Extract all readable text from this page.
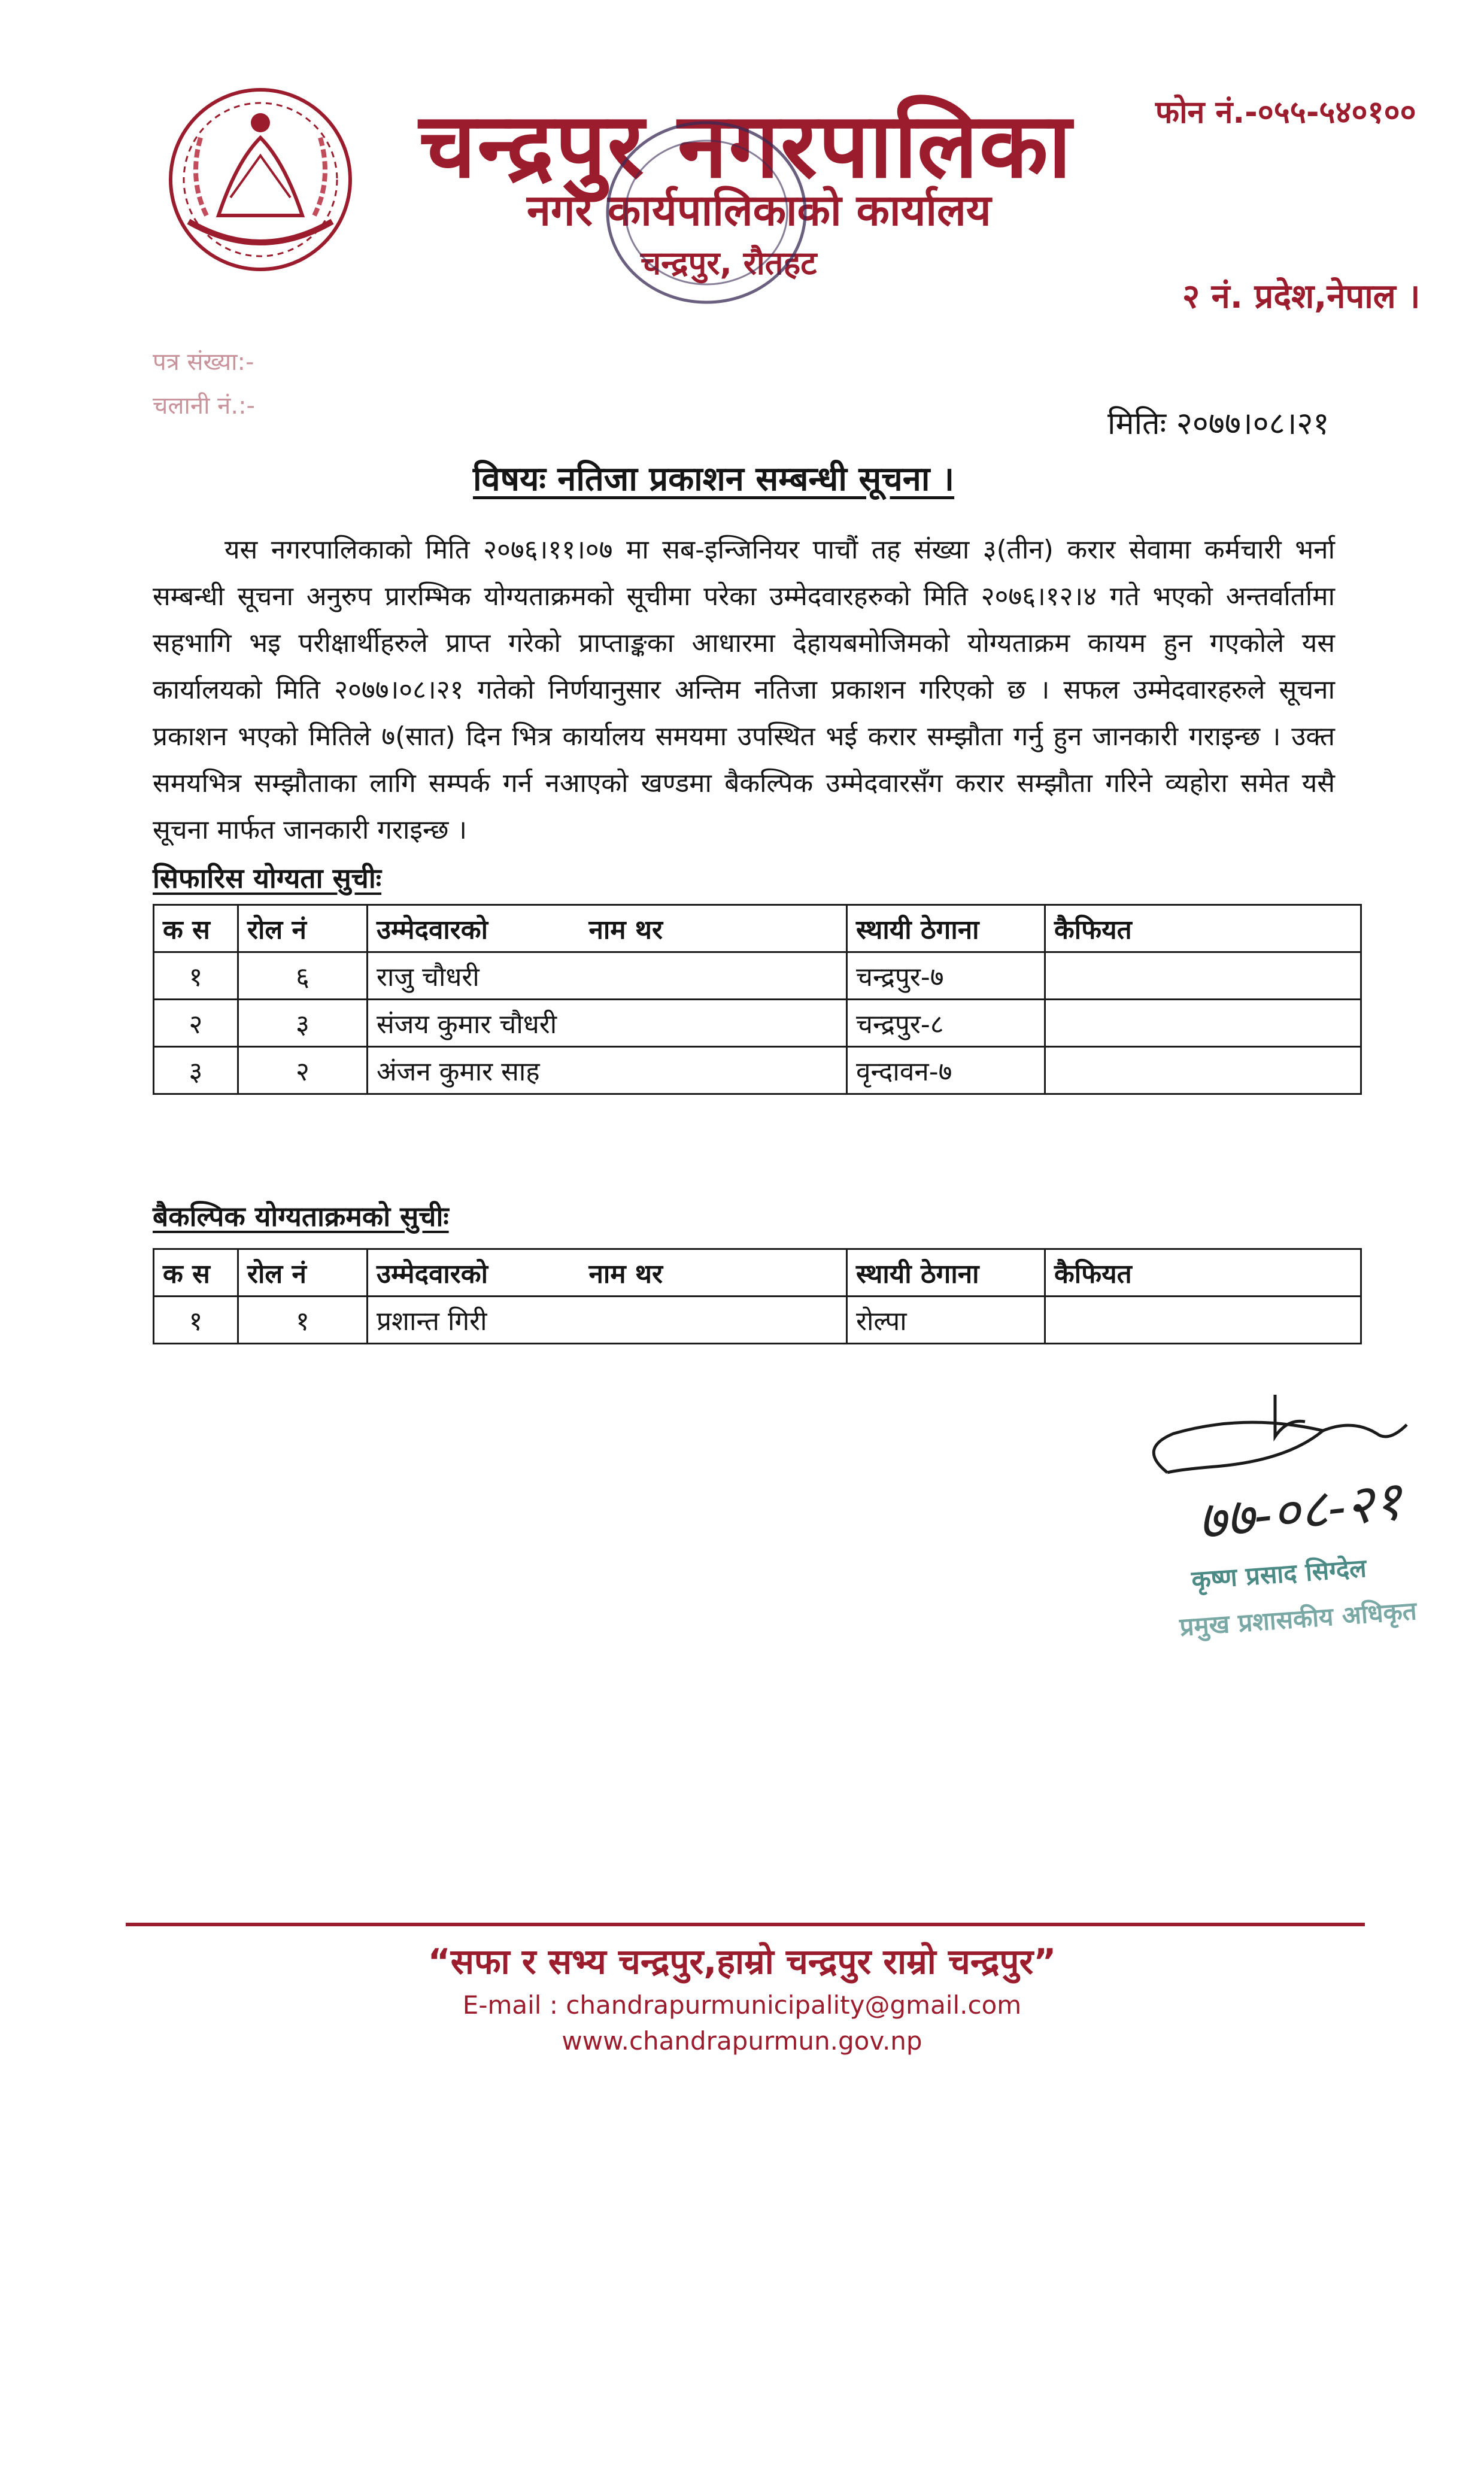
चन्द्रपुर नगरपालिका
नगर कार्यपालिकाको कार्यालय
चन्द्रपुर, रौतहट
फोन नं.-०५५-५४०१००
२ नं. प्रदेश,नेपाल ।
पत्र संख्या:-
चलानी नं.:-	मितिः २०७७।०८।२१
विषयः नतिजा प्रकाशन सम्बन्धी सूचना ।
यस नगरपालिकाको मिति २०७६।११।०७ मा सब-इन्जिनियर पाचौं तह संख्या ३(तीन) करार सेवामा कर्मचारी भर्ना सम्बन्धी सूचना अनुरुप प्रारम्भिक योग्यताक्रमको सूचीमा परेका उम्मेदवारहरुको मिति २०७६।१२।४ गते भएको अन्तर्वार्तामा सहभागि भइ परीक्षार्थीहरुले प्राप्त गरेको प्राप्ताङ्कका आधारमा देहायबमोजिमको योग्यताक्रम कायम हुन गएकोले यस कार्यालयको मिति २०७७।०८।२१ गतेको निर्णयानुसार अन्तिम नतिजा प्रकाशन गरिएको छ । सफल उम्मेदवारहरुले सूचना प्रकाशन भएको मितिले ७(सात) दिन भित्र कार्यालय समयमा उपस्थित भई करार सम्झौता गर्नु हुन जानकारी गराइन्छ । उक्त समयभित्र सम्झौताका लागि सम्पर्क गर्न नआएको खण्डमा बैकल्पिक उम्मेदवारसँग करार सम्झौता गरिने व्यहोरा समेत यसै सूचना मार्फत जानकारी गराइन्छ ।
सिफारिस योग्यता सुचीः
क स	रोल नं	उम्मेदवारको           नाम थर	स्थायी ठेगाना	कैफियत
१	६	राजु चौधरी	चन्द्रपुर-७	
२	३	संजय कुमार चौधरी	चन्द्रपुर-८	
३	२	अंजन कुमार साह	वृन्दावन-७	
बैकल्पिक योग्यताक्रमको सुचीः
क स	रोल नं	उम्मेदवारको           नाम थर	स्थायी ठेगाना	कैफियत
१	१	प्रशान्त गिरी	रोल्पा	
७७-०८-२१
कृष्ण प्रसाद सिग्देल
प्रमुख प्रशासकीय अधिकृत
“सफा र सभ्य चन्द्रपुर,हाम्रो चन्द्रपुर राम्रो चन्द्रपुर”
E-mail : chandrapurmunicipality@gmail.com
www.chandrapurmun.gov.np
